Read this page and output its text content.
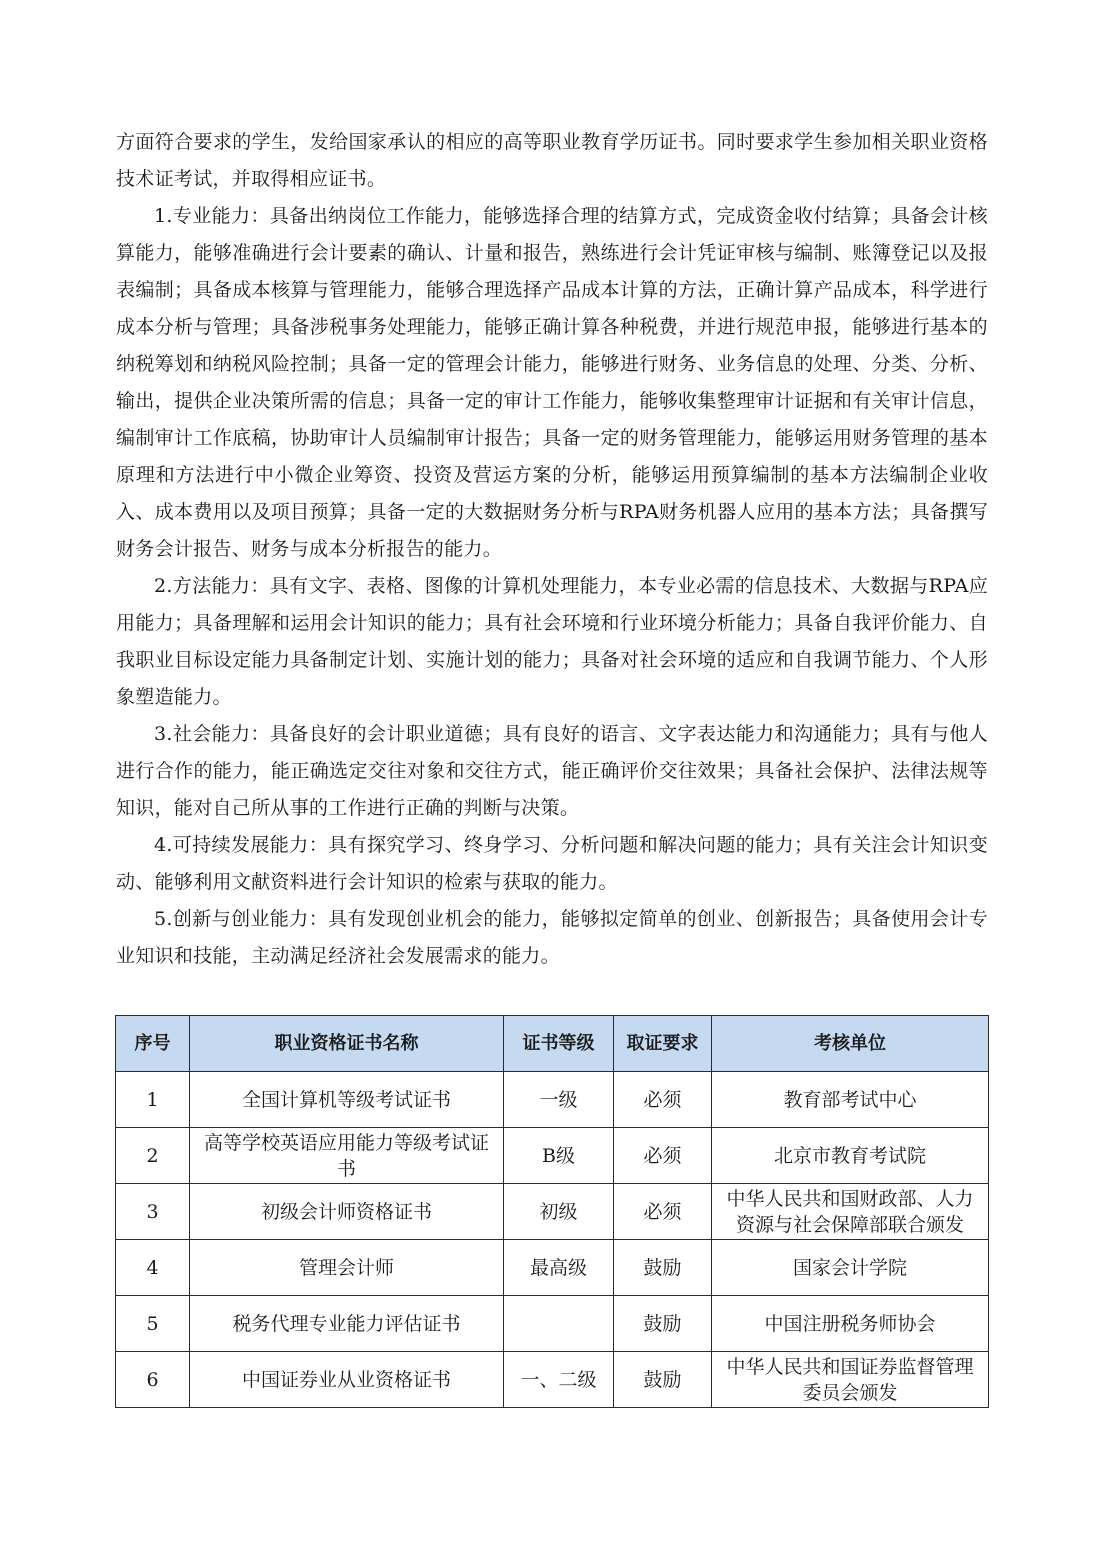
方面符合要求的学生，发给国家承认的相应的高等职业教育学历证书。同时要求学生参加相关职业资格技术证考试，并取得相应证书。

1.专业能力：具备出纳岗位工作能力，能够选择合理的结算方式，完成资金收付结算；具备会计核算能力，能够准确进行会计要素的确认、计量和报告，熟练进行会计凭证审核与编制、账簿登记以及报表编制；具备成本核算与管理能力，能够合理选择产品成本计算的方法，正确计算产品成本，科学进行成本分析与管理；具备涉税事务处理能力，能够正确计算各种税费，并进行规范申报，能够进行基本的纳税筹划和纳税风险控制；具备一定的管理会计能力，能够进行财务、业务信息的处理、分类、分析、输出，提供企业决策所需的信息；具备一定的审计工作能力，能够收集整理审计证据和有关审计信息，编制审计工作底稿，协助审计人员编制审计报告；具备一定的财务管理能力，能够运用财务管理的基本原理和方法进行中小微企业筹资、投资及营运方案的分析，能够运用预算编制的基本方法编制企业收入、成本费用以及项目预算；具备一定的大数据财务分析与RPA财务机器人应用的基本方法；具备撰写财务会计报告、财务与成本分析报告的能力。

2.方法能力：具有文字、表格、图像的计算机处理能力，本专业必需的信息技术、大数据与RPA应用能力；具备理解和运用会计知识的能力；具有社会环境和行业环境分析能力；具备自我评价能力、自我职业目标设定能力具备制定计划、实施计划的能力；具备对社会环境的适应和自我调节能力、个人形象塑造能力。

3.社会能力：具备良好的会计职业道德；具有良好的语言、文字表达能力和沟通能力；具有与他人进行合作的能力，能正确选定交往对象和交往方式，能正确评价交往效果；具备社会保护、法律法规等知识，能对自己所从事的工作进行正确的判断与决策。

4.可持续发展能力：具有探究学习、终身学习、分析问题和解决问题的能力；具有关注会计知识变动、能够利用文献资料进行会计知识的检索与获取的能力。

5.创新与创业能力：具有发现创业机会的能力，能够拟定简单的创业、创新报告；具备使用会计专业知识和技能，主动满足经济社会发展需求的能力。

序号	职业资格证书名称	证书等级	取证要求	考核单位
1	全国计算机等级考试证书	一级	必须	教育部考试中心
2	高等学校英语应用能力等级考试证书	B级	必须	北京市教育考试院
3	初级会计师资格证书	初级	必须	中华人民共和国财政部、人力资源与社会保障部联合颁发
4	管理会计师	最高级	鼓励	国家会计学院
5	税务代理专业能力评估证书		鼓励	中国注册税务师协会
6	中国证券业从业资格证书	一、二级	鼓励	中华人民共和国证券监督管理委员会颁发
